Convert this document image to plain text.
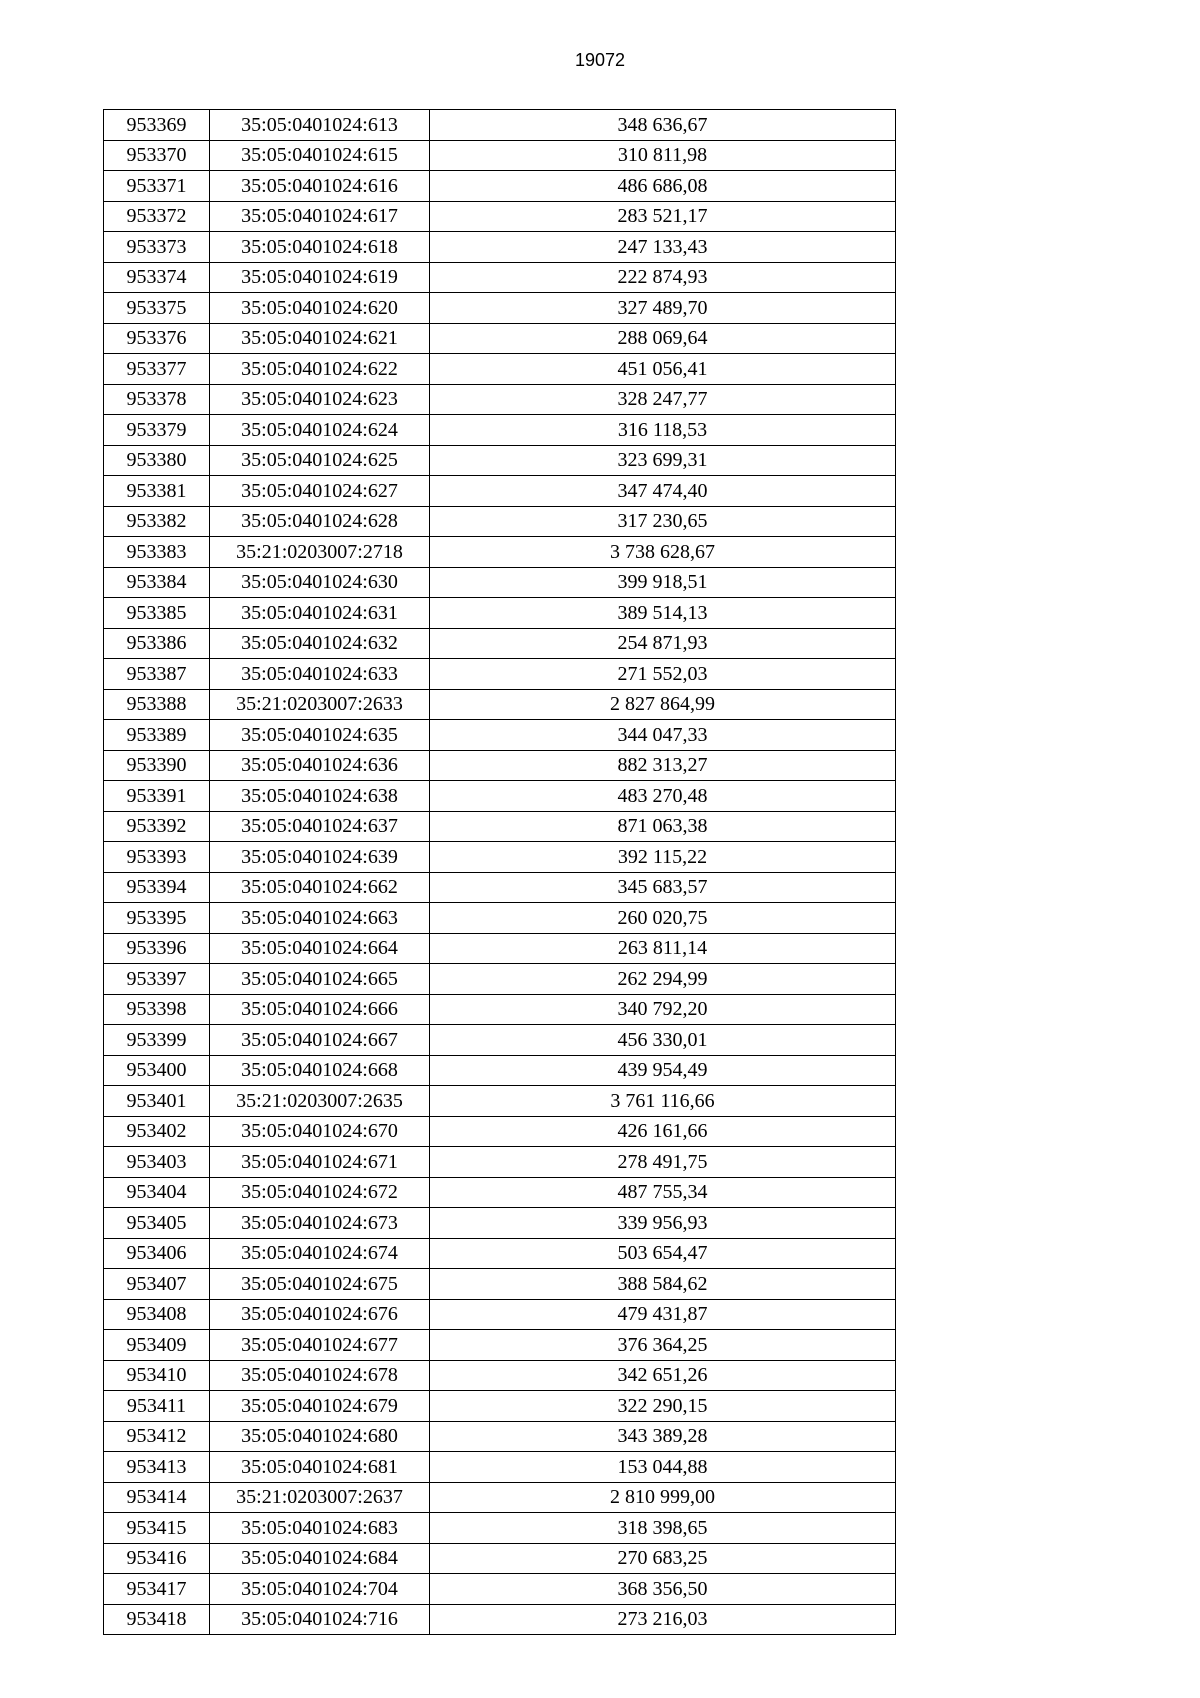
19072
953369	35:05:0401024:613	348 636,67
953370	35:05:0401024:615	310 811,98
953371	35:05:0401024:616	486 686,08
953372	35:05:0401024:617	283 521,17
953373	35:05:0401024:618	247 133,43
953374	35:05:0401024:619	222 874,93
953375	35:05:0401024:620	327 489,70
953376	35:05:0401024:621	288 069,64
953377	35:05:0401024:622	451 056,41
953378	35:05:0401024:623	328 247,77
953379	35:05:0401024:624	316 118,53
953380	35:05:0401024:625	323 699,31
953381	35:05:0401024:627	347 474,40
953382	35:05:0401024:628	317 230,65
953383	35:21:0203007:2718	3 738 628,67
953384	35:05:0401024:630	399 918,51
953385	35:05:0401024:631	389 514,13
953386	35:05:0401024:632	254 871,93
953387	35:05:0401024:633	271 552,03
953388	35:21:0203007:2633	2 827 864,99
953389	35:05:0401024:635	344 047,33
953390	35:05:0401024:636	882 313,27
953391	35:05:0401024:638	483 270,48
953392	35:05:0401024:637	871 063,38
953393	35:05:0401024:639	392 115,22
953394	35:05:0401024:662	345 683,57
953395	35:05:0401024:663	260 020,75
953396	35:05:0401024:664	263 811,14
953397	35:05:0401024:665	262 294,99
953398	35:05:0401024:666	340 792,20
953399	35:05:0401024:667	456 330,01
953400	35:05:0401024:668	439 954,49
953401	35:21:0203007:2635	3 761 116,66
953402	35:05:0401024:670	426 161,66
953403	35:05:0401024:671	278 491,75
953404	35:05:0401024:672	487 755,34
953405	35:05:0401024:673	339 956,93
953406	35:05:0401024:674	503 654,47
953407	35:05:0401024:675	388 584,62
953408	35:05:0401024:676	479 431,87
953409	35:05:0401024:677	376 364,25
953410	35:05:0401024:678	342 651,26
953411	35:05:0401024:679	322 290,15
953412	35:05:0401024:680	343 389,28
953413	35:05:0401024:681	153 044,88
953414	35:21:0203007:2637	2 810 999,00
953415	35:05:0401024:683	318 398,65
953416	35:05:0401024:684	270 683,25
953417	35:05:0401024:704	368 356,50
953418	35:05:0401024:716	273 216,03
